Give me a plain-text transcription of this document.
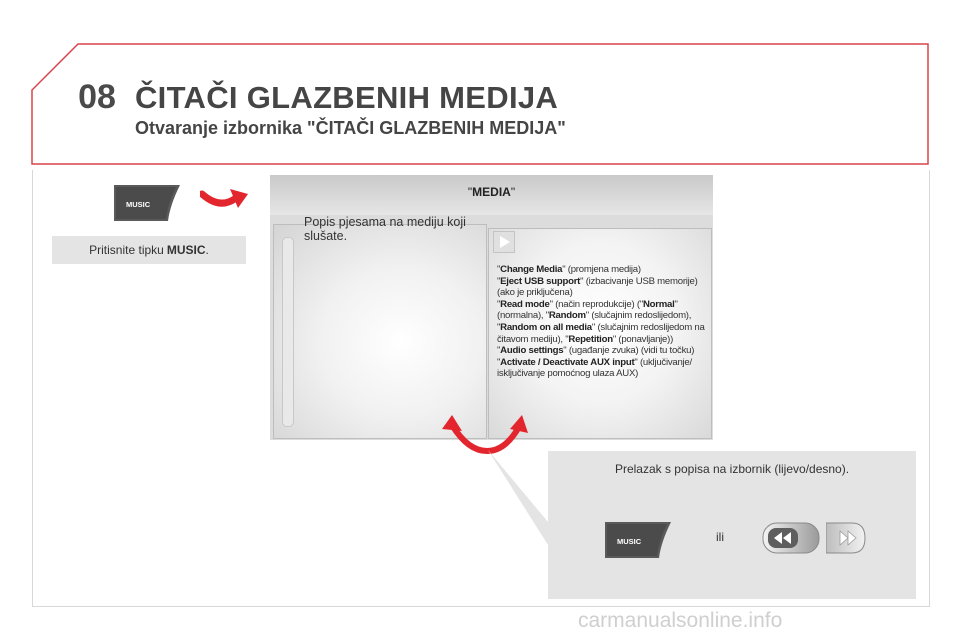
08 ČITAČI GLAZBENIH MEDIJA
Otvaranje izbornika "ČITAČI GLAZBENIH MEDIJA"
MUSIC
Pritisnite tipku MUSIC .
"MEDIA"
Popis pjesama na mediju koji slušate.
"Change Media" (promjena medija)
"Eject USB support" (izbacivanje USB memorije) (ako je priključena)
"Read mode" (način reprodukcije) ("Normal" (normalna), "Random" (slučajnim redoslijedom), "Random on all media" (slučajnim redoslijedom na čitavom mediju), "Repetition" (ponavljanje))
"Audio settings" (ugađanje zvuka) (vidi tu točku)
"Activate / Deactivate AUX input" (uključivanje/ isključivanje pomoćnog ulaza AUX)
Prelazak s popisa na izbornik (lijevo/desno).
MUSIC	ili
carmanualsonline.info
